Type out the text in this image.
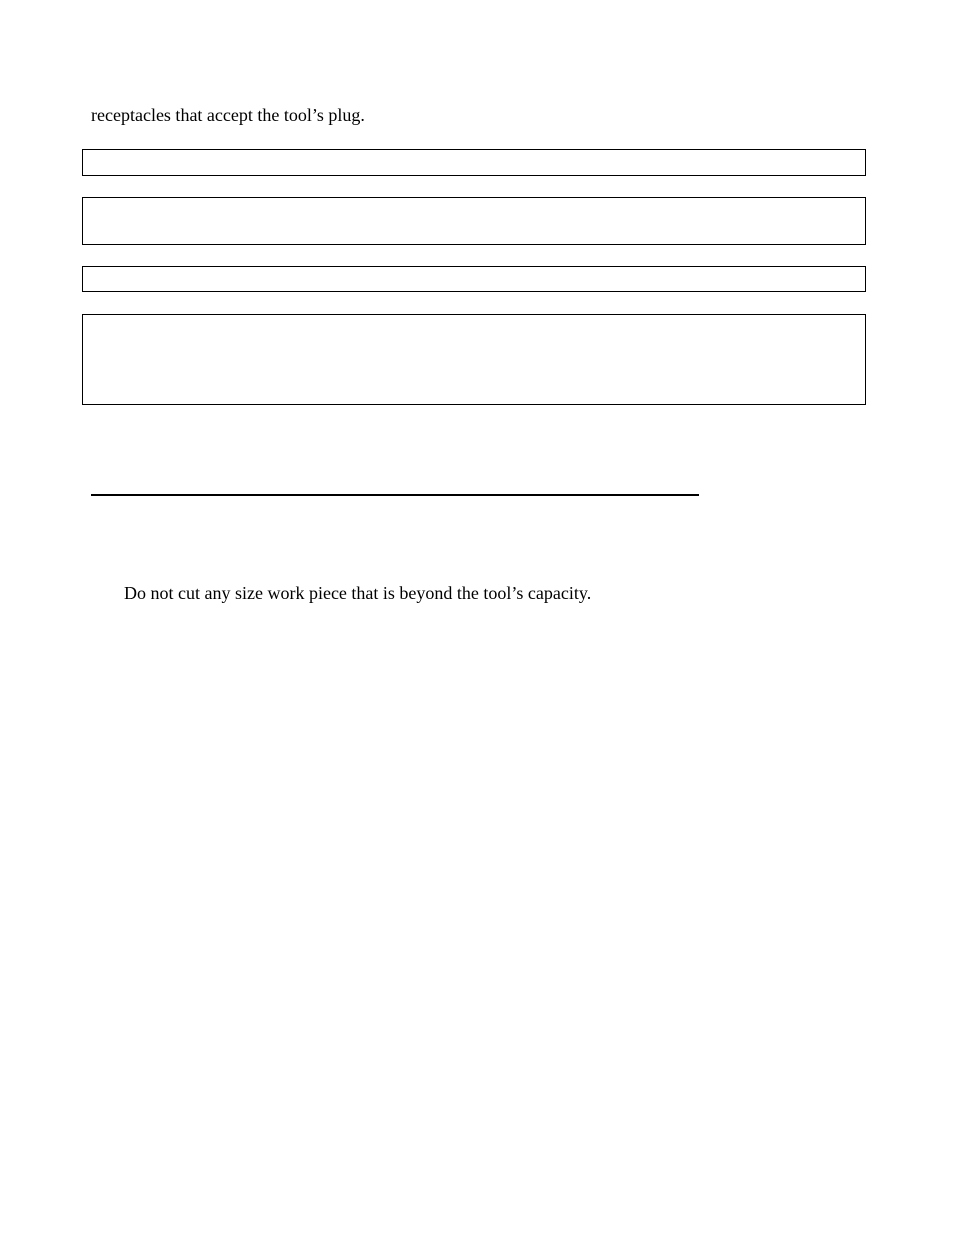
receptacles that accept the tool’s plug.
Do not cut any size work piece that is beyond the tool’s capacity.
